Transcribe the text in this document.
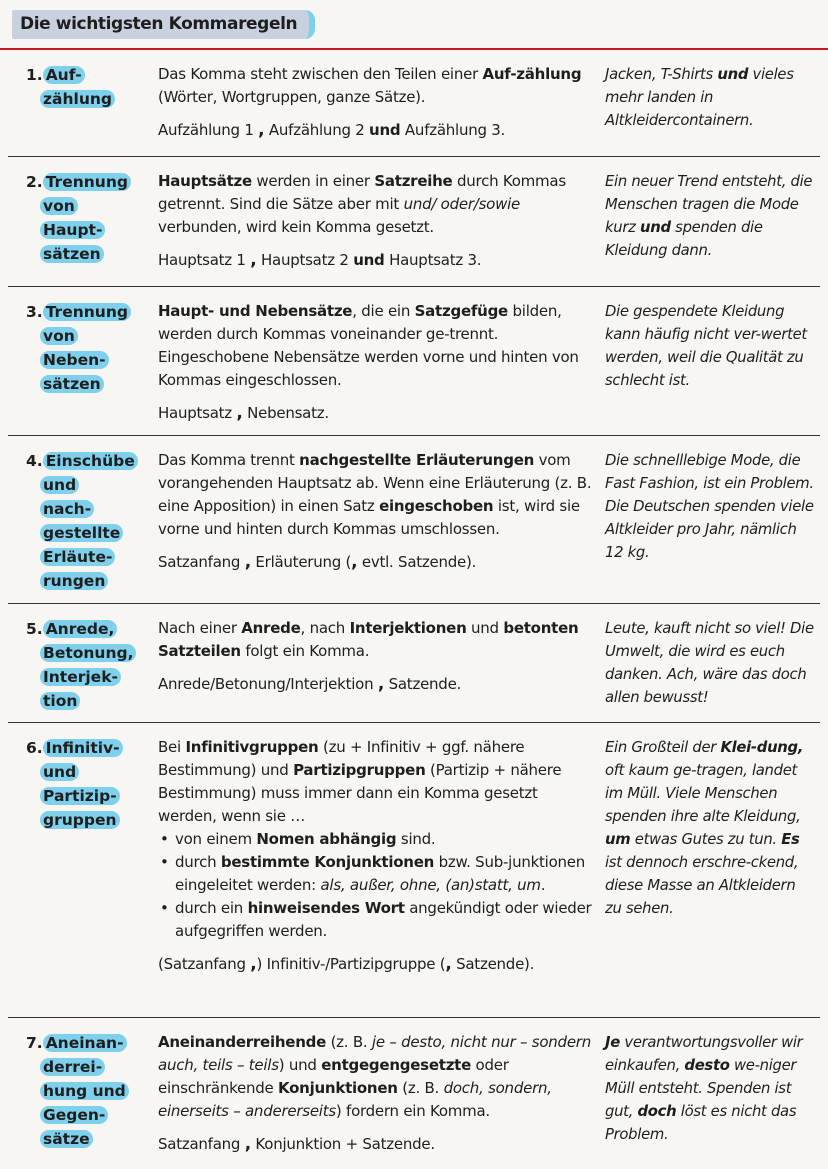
Die wichtigsten Kommaregeln
1. Auf-
zählung
Das Komma steht zwischen den Teilen einer Auf-zählung (Wörter, Wortgruppen, ganze Sätze).
Aufzählung 1 , Aufzählung 2 und Aufzählung 3.
Jacken, T-Shirts und vieles mehr landen in Altkleidercontainern.
2. Trennung
von
Haupt-
sätzen
Hauptsätze werden in einer Satzreihe durch Kommas getrennt. Sind die Sätze aber mit und/ oder/sowie verbunden, wird kein Komma gesetzt.
Hauptsatz 1 , Hauptsatz 2 und Hauptsatz 3.
Ein neuer Trend entsteht, die Menschen tragen die Mode kurz und spenden die Kleidung dann.
3. Trennung
von
Neben-
sätzen
Haupt- und Nebensätze, die ein Satzgefüge bilden, werden durch Kommas voneinander ge-trennt. Eingeschobene Nebensätze werden vorne und hinten von Kommas eingeschlossen.
Hauptsatz , Nebensatz.
Die gespendete Kleidung kann häufig nicht ver-wertet werden, weil die Qualität zu schlecht ist.
4. Einschübe
und nach-
gestellte
Erläute-
rungen
Das Komma trennt nachgestellte Erläuterungen vom vorangehenden Hauptsatz ab. Wenn eine Erläuterung (z. B. eine Apposition) in einen Satz eingeschoben ist, wird sie vorne und hinten durch Kommas umschlossen.
Satzanfang , Erläuterung (, evtl. Satzende).
Die schnelllebige Mode, die Fast Fashion, ist ein Problem. Die Deutschen spenden viele Altkleider pro Jahr, nämlich 12 kg.
5. Anrede,
Betonung,
Interjek-
tion
Nach einer Anrede, nach Interjektionen und betonten Satzteilen folgt ein Komma.
Anrede/Betonung/Interjektion , Satzende.
Leute, kauft nicht so viel! Die Umwelt, die wird es euch danken. Ach, wäre das doch allen bewusst!
6. Infinitiv-
und
Partizip-
gruppen
Bei Infinitivgruppen (zu + Infinitiv + ggf. nähere Bestimmung) und Partizipgruppen (Partizip + nähere Bestimmung) muss immer dann ein Komma gesetzt werden, wenn sie …
• von einem Nomen abhängig sind.
• durch bestimmte Konjunktionen bzw. Sub-junktionen eingeleitet werden: als, außer, ohne, (an)statt, um.
• durch ein hinweisendes Wort angekündigt oder wieder aufgegriffen werden.
(Satzanfang ,) Infinitiv-/Partizipgruppe (, Satzende).
Ein Großteil der Klei-dung, oft kaum ge-tragen, landet im Müll. Viele Menschen spenden ihre alte Kleidung, um etwas Gutes zu tun. Es ist dennoch erschre-ckend, diese Masse an Altkleidern zu sehen.
7. Aneinan-
derrei-
hung und
Gegen-
sätze
Aneinanderreihende (z. B. je – desto, nicht nur – sondern auch, teils – teils) und entgegengesetzte oder einschränkende Konjunktionen (z. B. doch, sondern, einerseits – andererseits) fordern ein Komma.
Satzanfang , Konjunktion + Satzende.
Je verantwortungsvoller wir einkaufen, desto we-niger Müll entsteht. Spenden ist gut, doch löst es nicht das Problem.
